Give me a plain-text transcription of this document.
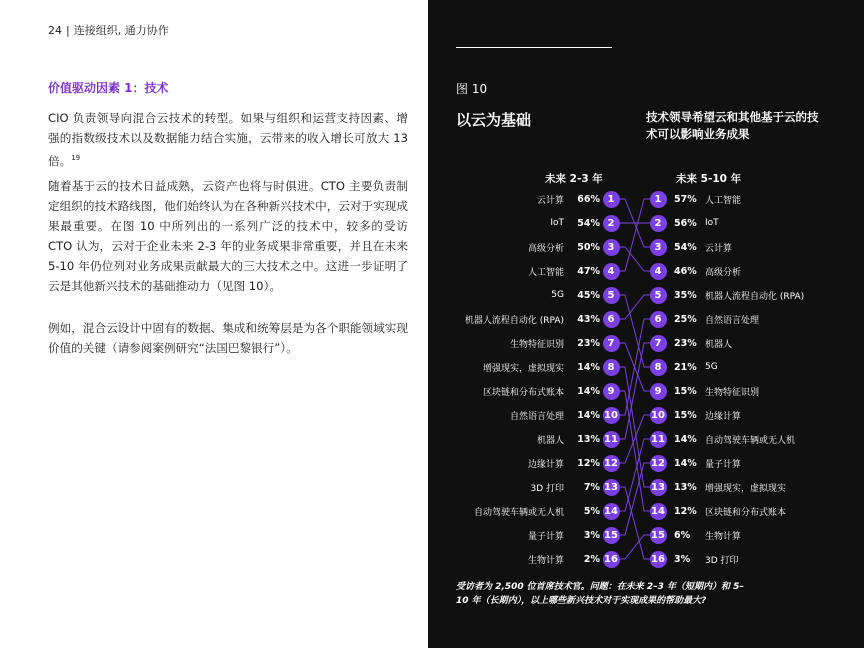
24 | 连接组织, 通力协作
价值驱动因素 1：技术
CIO 负责领导向混合云技术的转型。如果与组织和运营支持因素、增强的指数级技术以及数据能力结合实施，云带来的收入增长可放大 13 倍。$^{19}$
随着基于云的技术日益成熟，云资产也将与时俱进。CTO 主要负责制定组织的技术路线图，他们始终认为在各种新兴技术中，云对于实现成果最重要。在图 10 中所列出的一系列广泛的技术中，较多的受访 CTO 认为，云对于企业未来 2-3 年的业务成果非常重要，并且在未来 5-10 年仍位列对业务成果贡献最大的三大技术之中。这进一步证明了云是其他新兴技术的基础推动力（见图 10）。
例如，混合云设计中固有的数据、集成和统筹层是为各个职能领域实现价值的关键（请参阅案例研究“法国巴黎银行”）。
图 10
以云为基础	技术领导希望云和其他基于云的技术可以影响业务成果
未来 2-3 年	未来 5-10 年
云计算	66% 1
IoT	54% 2
高级分析	50% 3
人工智能	47% 4
5G	45% 5
机器人流程自动化 (RPA)	43% 6
生物特征识别	23% 7
增强现实，虚拟现实	14% 8
区块链和分布式账本	14% 9
自然语言处理	14% 10
机器人	13% 11
边缘计算	12% 12
3D 打印	7% 13
自动驾驶车辆或无人机	5% 14
量子计算	3% 15
生物计算	2% 16
1	57% 人工智能
2	56% IoT
3	54% 云计算
4	46% 高级分析
5	35% 机器人流程自动化 (RPA)
6	25% 自然语言处理
7	23% 机器人
8	21% 5G
9	15% 生物特征识别
10 15% 边缘计算
11 14% 自动驾驶车辆或无人机
12 14% 量子计算
13 13% 增强现实，虚拟现实
14 12% 区块链和分布式账本
15 6%	生物计算
16 3%	3D 打印
受访者为 2,500 位首席技术官。问题：在未来 2–3 年（短期内）和 5–10 年（长期内），以上哪些新兴技术对于实现成果的帮助最大?
